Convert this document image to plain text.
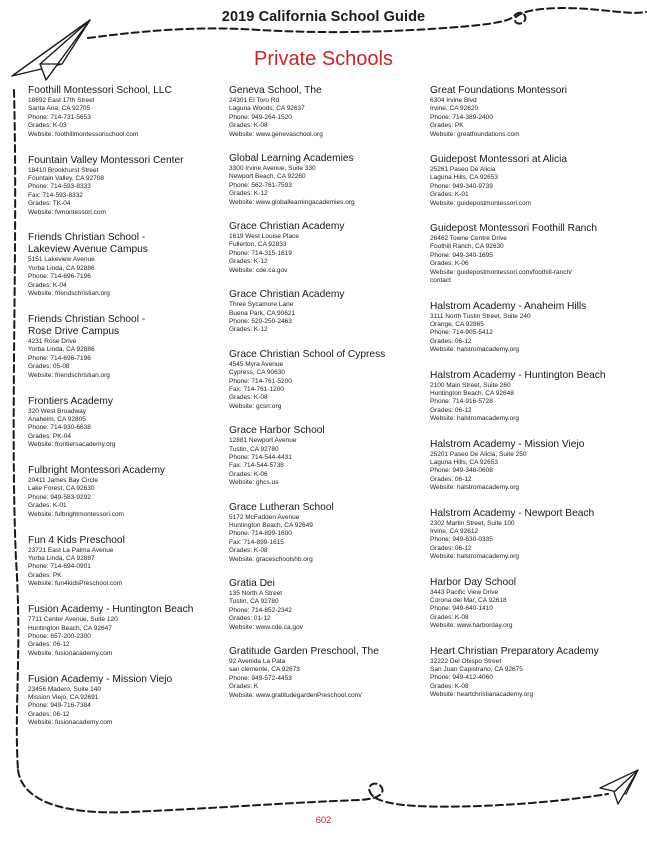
2019 California School Guide
Private Schools
Foothill Montessori School, LLC
18692 East 17th Street
Santa Ana, CA 92705
Phone: 714-731-5653
Grades: K-03
Website: foothillmontessorischool.com
Fountain Valley Montessori Center
18410 Brookhurst Street
Fountain Valley, CA 92708
Phone: 714-593-8333
Fax: 714-593-8332
Grades: TK-04
Website: fvmontessori.com
Friends Christian School -
Lakeview Avenue Campus
5151 Lakeview Avenue
Yorba Linda, CA 92886
Phone: 714-696-7196
Grades: K-04
Website: friendschristian.org
Friends Christian School -
Rose Drive Campus
4231 Rose Drive
Yorba Linda, CA 92886
Phone: 714-696-7196
Grades: 05-08
Website: friendschristian.org
Frontiers Academy
320 West Broadway
Anaheim, CA 92805
Phone: 714-930-6638
Grades: PK-04
Website: frontiersacademy.org
Fulbright Montessori Academy
20411 James Bay Circle
Lake Forest, CA 92630
Phone: 949-583-9292
Grades: K-01
Website: fulbrightmontessori.com
Fun 4 Kids Preschool
23721 East La Palma Avenue
Yorba Linda, CA 92887
Phone: 714-694-0901
Grades: PK
Website: fun4kidsPreschool.com
Fusion Academy - Huntington Beach
7711 Center Avenue, Suite 120
Huntington Beach, CA 92647
Phone: 657-200-2300
Grades: 06-12
Website: fusionacademy.com
Fusion Academy - Mission Viejo
23456 Madero, Suite 140
Mission Viejo, CA 92691
Phone: 949-716-7384
Grades: 06-12
Website: fusionacademy.com
Geneva School, The
24301 El Toro Rd
Laguna Woods, CA 92637
Phone: 949-264-1520
Grades: K-08
Website: www.genevaschool.org
Global Learning Academies
3300 Irvine Avenue, Suite 330
Newport Beach, CA 92260
Phone: 562-761-7593
Grades: K-12
Website: www.globallearningacademies.org
Grace Christian Academy
1619 West Louise Place
Fullerton, CA 92833
Phone: 714-315-1619
Grades: K-12
Website: cde.ca.gov
Grace Christian Academy
Three Sycamore Lane
Buena Park, CA 90621
Phone: 520-250-2463
Grades: K-12
Grace Christian School of Cypress
4545 Myra Avenue
Cypress, CA 90630
Phone: 714-761-5200
Fax: 714-761-1200
Grades: K-08
Website: gcsrr.org
Grace Harbor School
12881 Newport Avenue
Tustin, CA 92780
Phone: 714-544-4431
Fax: 714-544-5738
Grades: K-06
Website: ghcs.us
Grace Lutheran School
5172 McFadden Avenue
Huntington Beach, CA 92649
Phone: 714-899-1600
Fax: 714-899-1615
Grades: K-08
Website: graceschoolshb.org
Gratia Dei
135 North A Street
Tustin, CA 92780
Phone: 714-852-2342
Grades: 01-12
Website: www.cde.ca.gov
Gratitude Garden Preschool, The
92 Avenida La Pata
san clemente, CA 92673
Phone: 949-572-4453
Grades: K
Website: www.gratitudegardenPreschool.com/
Great Foundations Montessori
6304 Irvine Blvd
Irvine, CA 92620
Phone: 714-389-2400
Grades: PK
Website: greatfoundations.com
Guidepost Montessori at Alicia
25261 Paseo De Alicia
Laguna Hills, CA 92653
Phone: 949-340-9739
Grades: K-01
Website: guidepostmontessori.com
Guidepost Montessori Foothill Ranch
26462 Towne Centre Drive
Foothill Ranch, CA 92630
Phone: 949-340-1695
Grades: K-06
Website: guidepostmontessori.com/foothill-ranch/
contact
Halstrom Academy - Anaheim Hills
3111 North Tustin Street, Suite 240
Orange, CA 92865
Phone: 714-905-5412
Grades: 06-12
Website: halstromacademy.org
Halstrom Academy - Huntington Beach
2100 Main Street, Suite 260
Huntington Beach, CA 92648
Phone: 714-916-5728
Grades: 06-12
Website: halstromacademy.org
Halstrom Academy - Mission Viejo
25201 Paseo De Alicia, Suite 250
Laguna Hills, CA 92653
Phone: 949-348-0608
Grades: 06-12
Website: halstromacademy.org
Halstrom Academy - Newport Beach
2302 Martin Street, Suite 100
Irvine, CA 92612
Phone: 949-630-0335
Grades: 06-12
Website: halstromacademy.org
Harbor Day School
3443 Pacific View Drive
Corona del Mar, CA 92618
Phone: 949-640-1410
Grades: K-08
Website: www.harborday.org
Heart Christian Preparatory Academy
32222 Del Obispo Street
San Juan Capistrano, CA 92675
Phone: 949-412-4060
Grades: K-08
Website: heartchristianacademy.org
602
